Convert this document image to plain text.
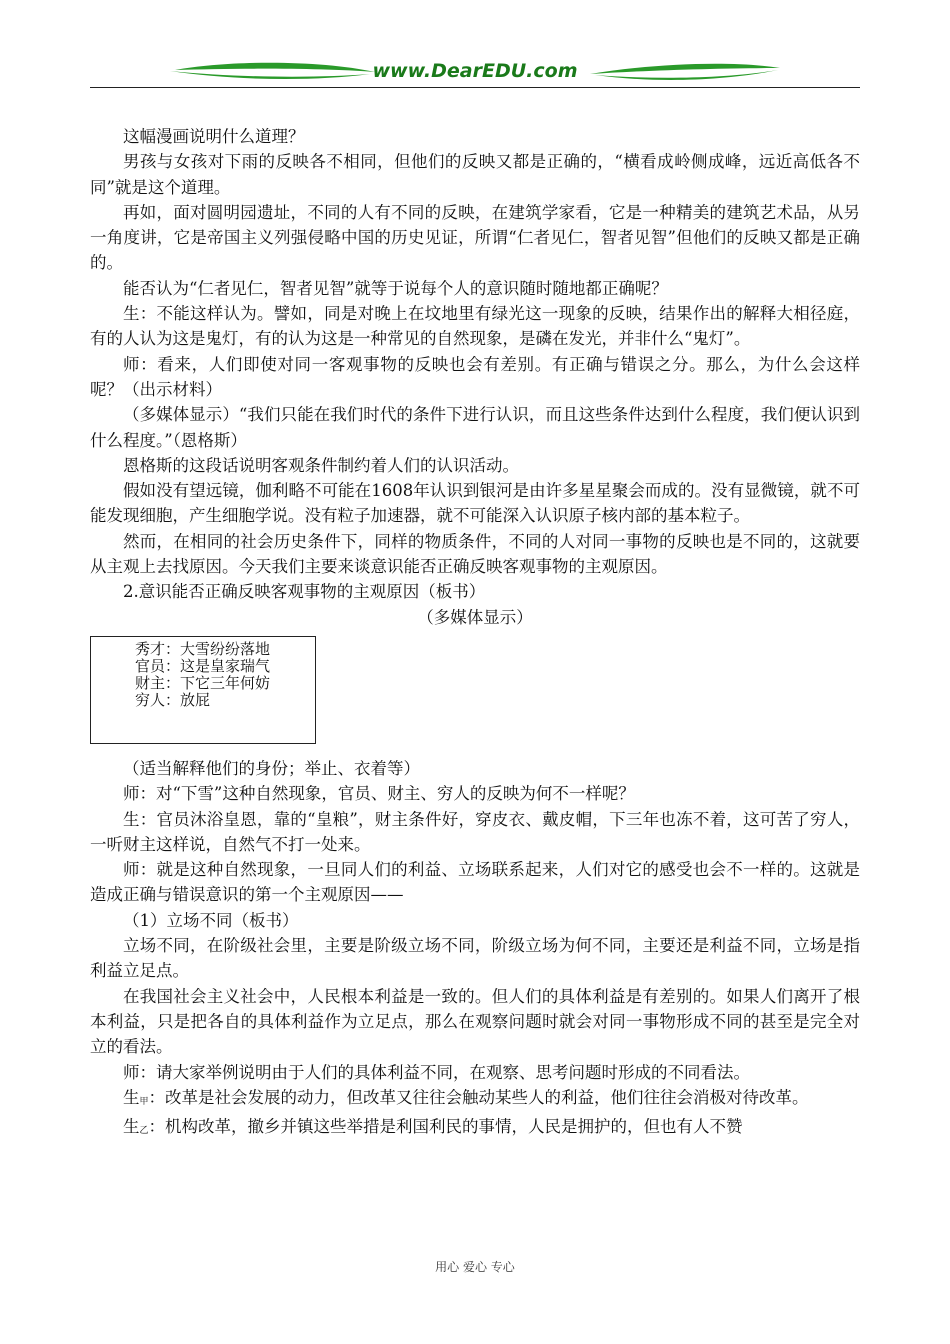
www.DearEDU.com

这幅漫画说明什么道理？

男孩与女孩对下雨的反映各不相同，但他们的反映又都是正确的，“横看成岭侧成峰，远近高低各不同”就是这个道理。

再如，面对圆明园遗址，不同的人有不同的反映，在建筑学家看，它是一种精美的建筑艺术品，从另一角度讲，它是帝国主义列强侵略中国的历史见证，所谓“仁者见仁，智者见智”但他们的反映又都是正确的。

能否认为“仁者见仁，智者见智”就等于说每个人的意识随时随地都正确呢？

生：不能这样认为。譬如，同是对晚上在坟地里有绿光这一现象的反映，结果作出的解释大相径庭，有的人认为这是鬼灯，有的认为这是一种常见的自然现象，是磷在发光，并非什么“鬼灯”。

师：看来，人们即使对同一客观事物的反映也会有差别。有正确与错误之分。那么，为什么会这样呢？（出示材料）

（多媒体显示）“我们只能在我们时代的条件下进行认识，而且这些条件达到什么程度，我们便认识到什么程度。”（恩格斯）

恩格斯的这段话说明客观条件制约着人们的认识活动。

假如没有望远镜，伽利略不可能在1608年认识到银河是由许多星星聚会而成的。没有显微镜，就不可能发现细胞，产生细胞学说。没有粒子加速器，就不可能深入认识原子核内部的基本粒子。

然而，在相同的社会历史条件下，同样的物质条件，不同的人对同一事物的反映也是不同的，这就要从主观上去找原因。今天我们主要来谈意识能否正确反映客观事物的主观原因。

2.意识能否正确反映客观事物的主观原因（板书）

（多媒体显示）

秀才：大雪纷纷落地
官员：这是皇家瑞气
财主：下它三年何妨
穷人：放屁

（适当解释他们的身份；举止、衣着等）

师：对“下雪”这种自然现象，官员、财主、穷人的反映为何不一样呢？

生：官员沐浴皇恩，靠的“皇粮”，财主条件好，穿皮衣、戴皮帽，下三年也冻不着，这可苦了穷人，一听财主这样说，自然气不打一处来。

师：就是这种自然现象，一旦同人们的利益、立场联系起来，人们对它的感受也会不一样的。这就是造成正确与错误意识的第一个主观原因——

（1）立场不同（板书）

立场不同，在阶级社会里，主要是阶级立场不同，阶级立场为何不同，主要还是利益不同，立场是指利益立足点。

在我国社会主义社会中，人民根本利益是一致的。但人们的具体利益是有差别的。如果人们离开了根本利益，只是把各自的具体利益作为立足点，那么在观察问题时就会对同一事物形成不同的甚至是完全对立的看法。

师：请大家举例说明由于人们的具体利益不同，在观察、思考问题时形成的不同看法。

生$_甲$：改革是社会发展的动力，但改革又往往会触动某些人的利益，他们往往会消极对待改革。

生$_乙$：机构改革，撤乡并镇这些举措是利国利民的事情，人民是拥护的，但也有人不赞

用心 爱心 专心
